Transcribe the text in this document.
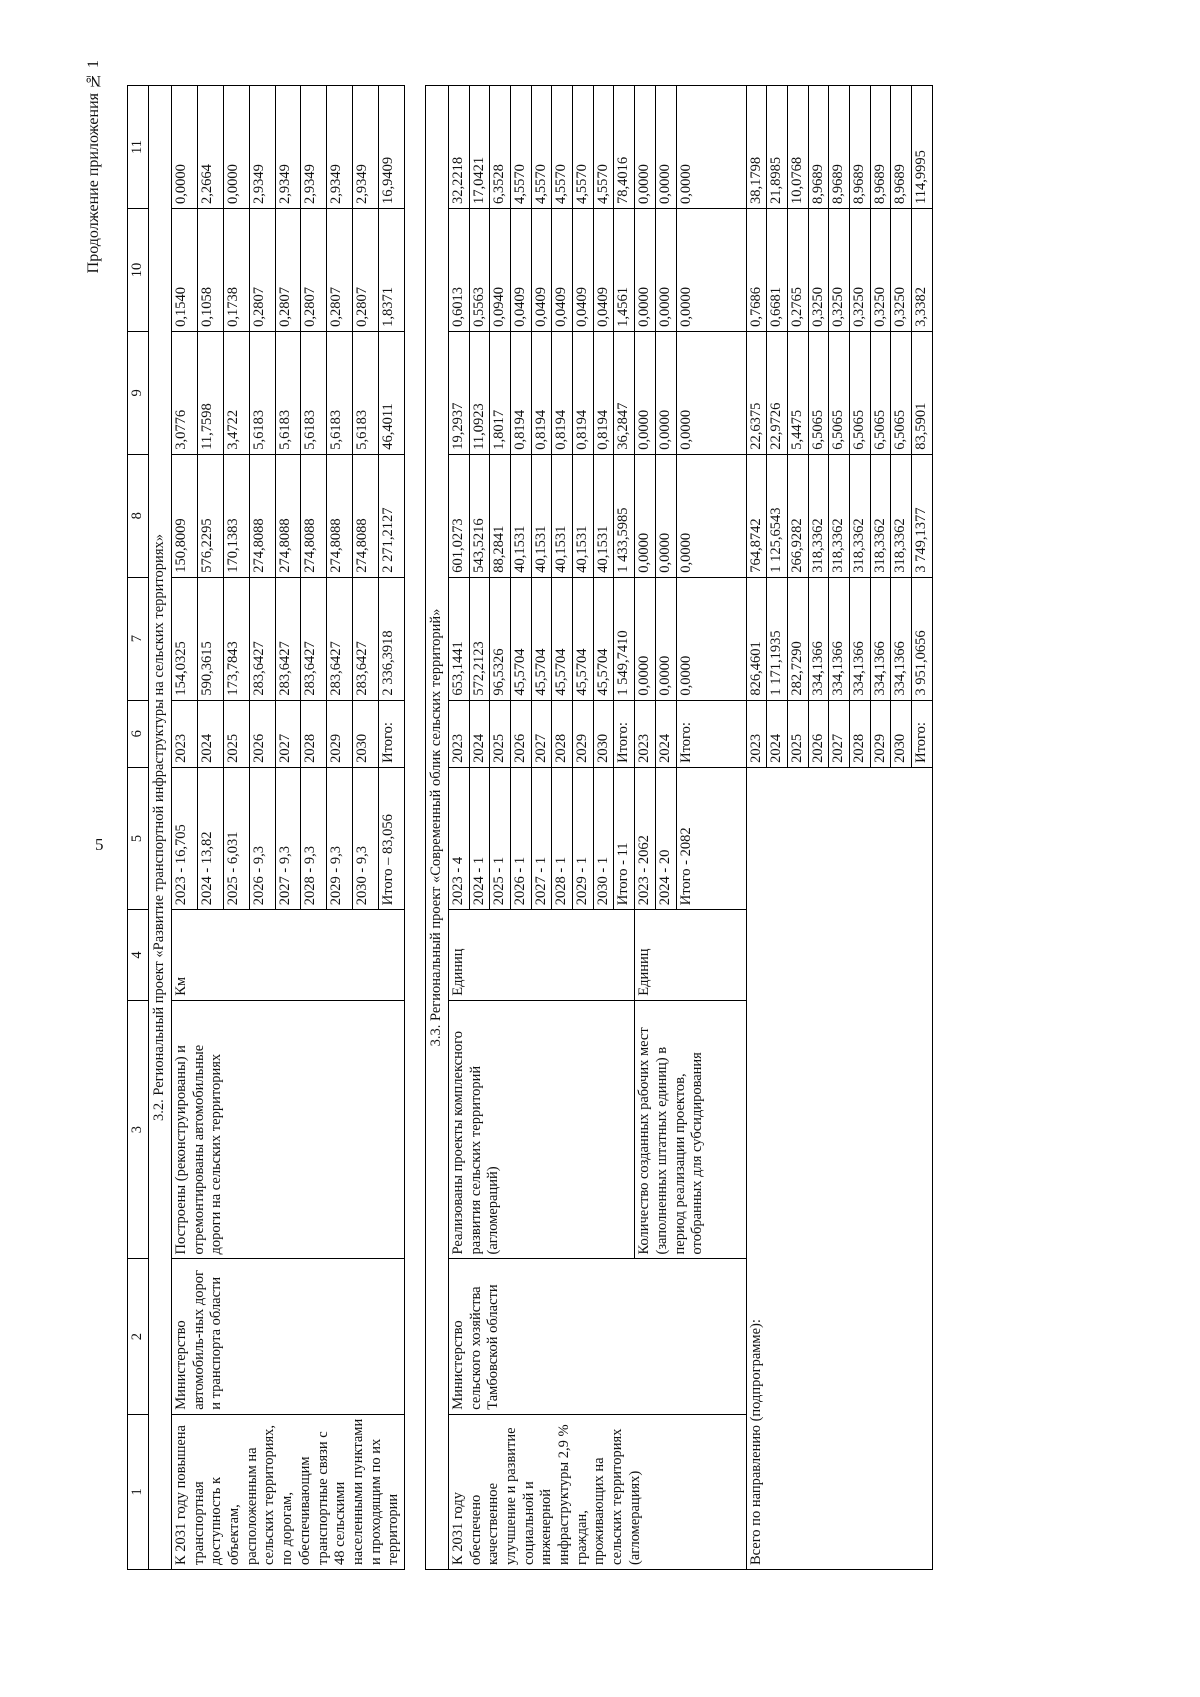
5
Продолжение приложения № 1
1	2	3	4	5	6	7	8	9	10	11
3.2. Региональный проект «Развитие транспортной инфраструктуры на сельских территориях»										
К 2031 году повышена транспортная доступность к объектам, расположенным на сельских территориях, по дорогам, обеспечивающим транспортные связи с 48 сельскими населенными пунктами и проходящим по их территории	Министерство автомобиль-ных дорог и транспорта области	Построены (реконструированы) и отремонтированы автомобильные дороги на сельских территориях	Км	2023 - 16,705	2023	154,0325	150,8009	3,0776	0,1540	0,0000
				2024 - 13,82	2024	590,3615	576,2295	11,7598	0,1058	2,2664
				2025 - 6,031	2025	173,7843	170,1383	3,4722	0,1738	0,0000
				2026 - 9,3	2026	283,6427	274,8088	5,6183	0,2807	2,9349
				2027 - 9,3	2027	283,6427	274,8088	5,6183	0,2807	2,9349
				2028 - 9,3	2028	283,6427	274,8088	5,6183	0,2807	2,9349
				2029 - 9,3	2029	283,6427	274,8088	5,6183	0,2807	2,9349
				2030 - 9,3	2030	283,6427	274,8088	5,6183	0,2807	2,9349
				Итого – 83,056	Итого:	2 336,3918	2 271,2127	46,4011	1,8371	16,9409

3.3. Региональный проект «Современный облик сельских территорий»										
К 2031 году обеспечено качественное улучшение и развитие социальной и инженерной инфраструктуры 2,9 % граждан, проживающих на сельских территориях (агломерациях)	Министерство сельского хозяйства Тамбовской области	Реализованы проекты комплексного развития сельских территорий (агломераций)	Единиц	2023 - 4	2023	653,1441	601,0273	19,2937	0,6013	32,2218
				2024 - 1	2024	572,2123	543,5216	11,0923	0,5563	17,0421
				2025 - 1	2025	96,5326	88,2841	1,8017	0,0940	6,3528
				2026 - 1	2026	45,5704	40,1531	0,8194	0,0409	4,5570
				2027 - 1	2027	45,5704	40,1531	0,8194	0,0409	4,5570
				2028 - 1	2028	45,5704	40,1531	0,8194	0,0409	4,5570
				2029 - 1	2029	45,5704	40,1531	0,8194	0,0409	4,5570
				2030 - 1	2030	45,5704	40,1531	0,8194	0,0409	4,5570
				Итого - 11	Итого:	1 549,7410	1 433,5985	36,2847	1,4561	78,4016
		Количество созданных рабочих мест (заполненных штатных единиц) в период реализации проектов, отобранных для субсидирования	Единиц	2023 - 2062	2023	0,0000	0,0000	0,0000	0,0000	0,0000
				2024 - 20	2024	0,0000	0,0000	0,0000	0,0000	0,0000
				Итого - 2082	Итого:	0,0000	0,0000	0,0000	0,0000	0,0000
Всего по направлению (подпрограмме):					2023	826,4601	764,8742	22,6375	0,7686	38,1798
					2024	1 171,1935	1 125,6543	22,9726	0,6681	21,8985
					2025	282,7290	266,9282	5,4475	0,2765	10,0768
					2026	334,1366	318,3362	6,5065	0,3250	8,9689
					2027	334,1366	318,3362	6,5065	0,3250	8,9689
					2028	334,1366	318,3362	6,5065	0,3250	8,9689
					2029	334,1366	318,3362	6,5065	0,3250	8,9689
					2030	334,1366	318,3362	6,5065	0,3250	8,9689
					Итого:	3 951,0656	3 749,1377	83,5901	3,3382	114,9995
